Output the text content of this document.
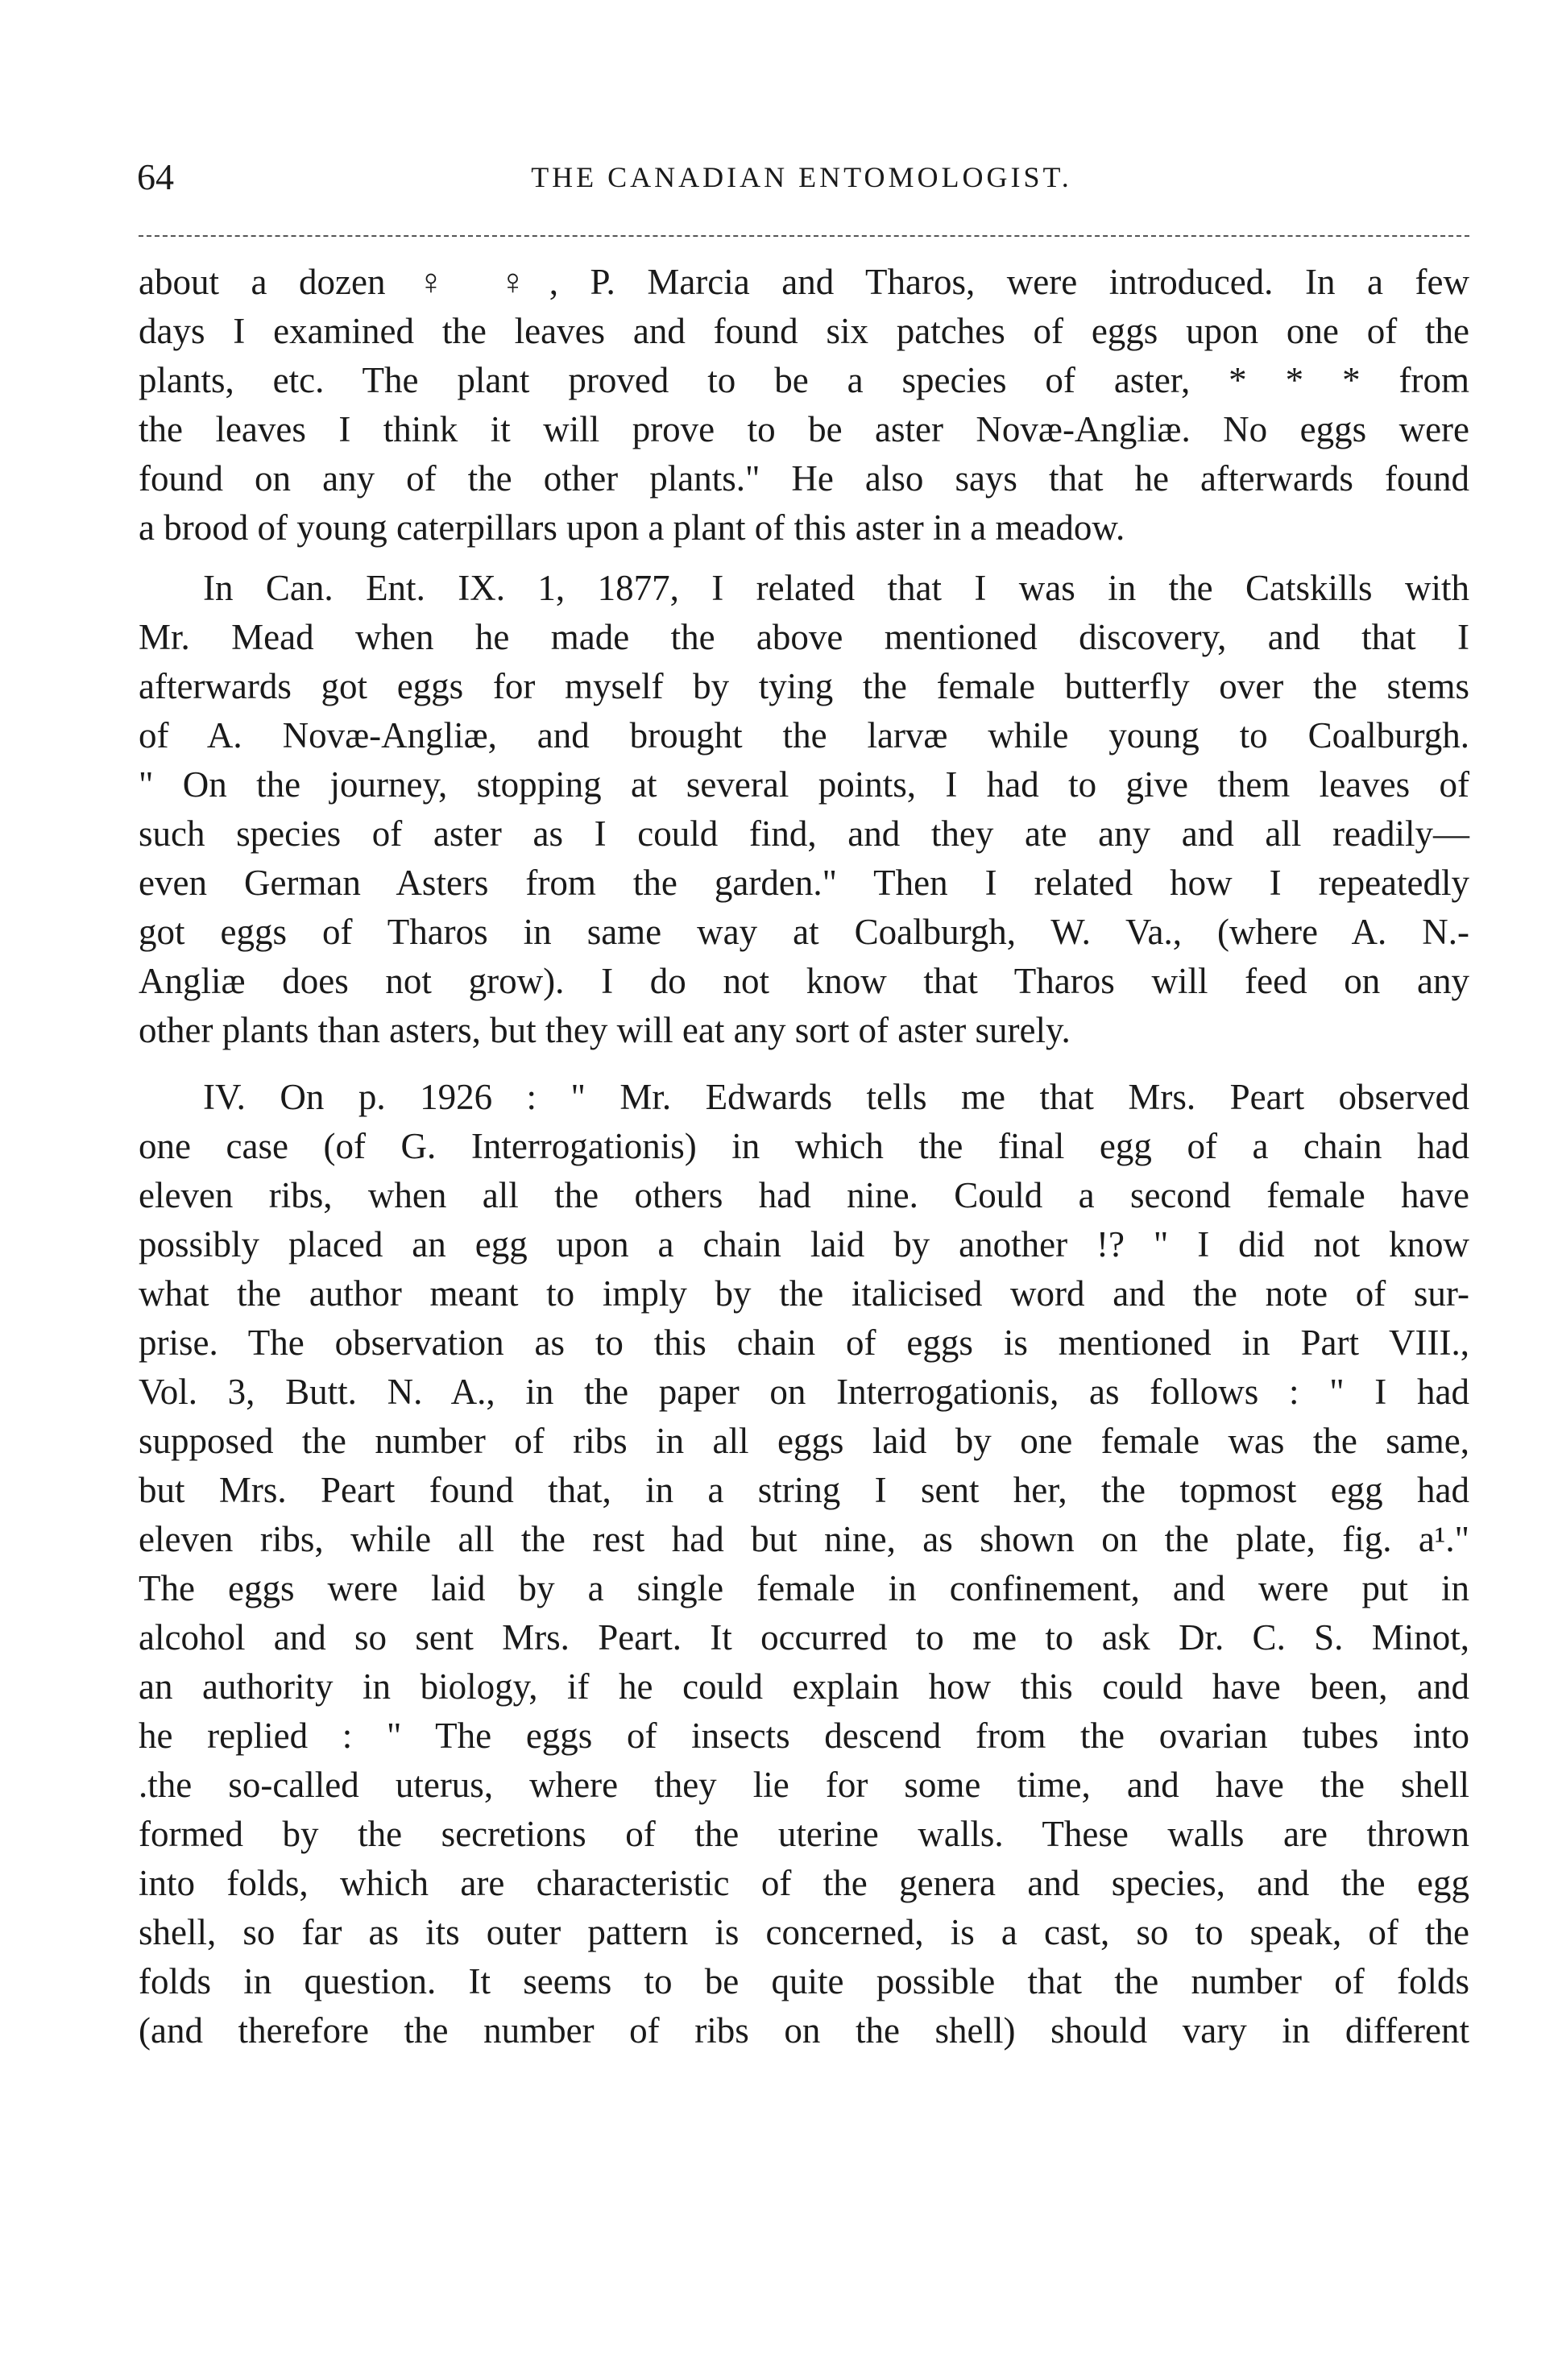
64	THE CANADIAN ENTOMOLOGIST.

about a dozen ♀ ♀, P. Marcia and Tharos, were introduced. In a few

days I examined the leaves and found six patches of eggs upon one of the

plants, etc. The plant proved to be a species of aster, * * * from

the leaves I think it will prove to be aster Novæ-Angliæ. No eggs were

found on any of the other plants." He also says that he afterwards found

a brood of young caterpillars upon a plant of this aster in a meadow.

In Can. Ent. IX. 1, 1877, I related that I was in the Catskills with

Mr. Mead when he made the above mentioned discovery, and that I

afterwards got eggs for myself by tying the female butterfly over the stems

of A. Novæ-Angliæ, and brought the larvæ while young to Coalburgh.

" On the journey, stopping at several points, I had to give them leaves of

such species of aster as I could find, and they ate any and all readily—

even German Asters from the garden." Then I related how I repeatedly

got eggs of Tharos in same way at Coalburgh, W. Va., (where A. N.-

Angliæ does not grow). I do not know that Tharos will feed on any

other plants than asters, but they will eat any sort of aster surely.

IV. On p. 1926 : " Mr. Edwards tells me that Mrs. Peart observed

one case (of G. Interrogationis) in which the final egg of a chain had

eleven ribs, when all the others had nine. Could a second female have

possibly placed an egg upon a chain laid by another !? " I did not know

what the author meant to imply by the italicised word and the note of sur-

prise. The observation as to this chain of eggs is mentioned in Part VIII.,

Vol. 3, Butt. N. A., in the paper on Interrogationis, as follows : " I had

supposed the number of ribs in all eggs laid by one female was the same,

but Mrs. Peart found that, in a string I sent her, the topmost egg had

eleven ribs, while all the rest had but nine, as shown on the plate, fig. a¹."

The eggs were laid by a single female in confinement, and were put in

alcohol and so sent Mrs. Peart. It occurred to me to ask Dr. C. S. Minot,

an authority in biology, if he could explain how this could have been, and

he replied : " The eggs of insects descend from the ovarian tubes into

.the so-called uterus, where they lie for some time, and have the shell

formed by the secretions of the uterine walls. These walls are thrown

into folds, which are characteristic of the genera and species, and the egg

shell, so far as its outer pattern is concerned, is a cast, so to speak, of the

folds in question. It seems to be quite possible that the number of folds

(and therefore the number of ribs on the shell) should vary in different
